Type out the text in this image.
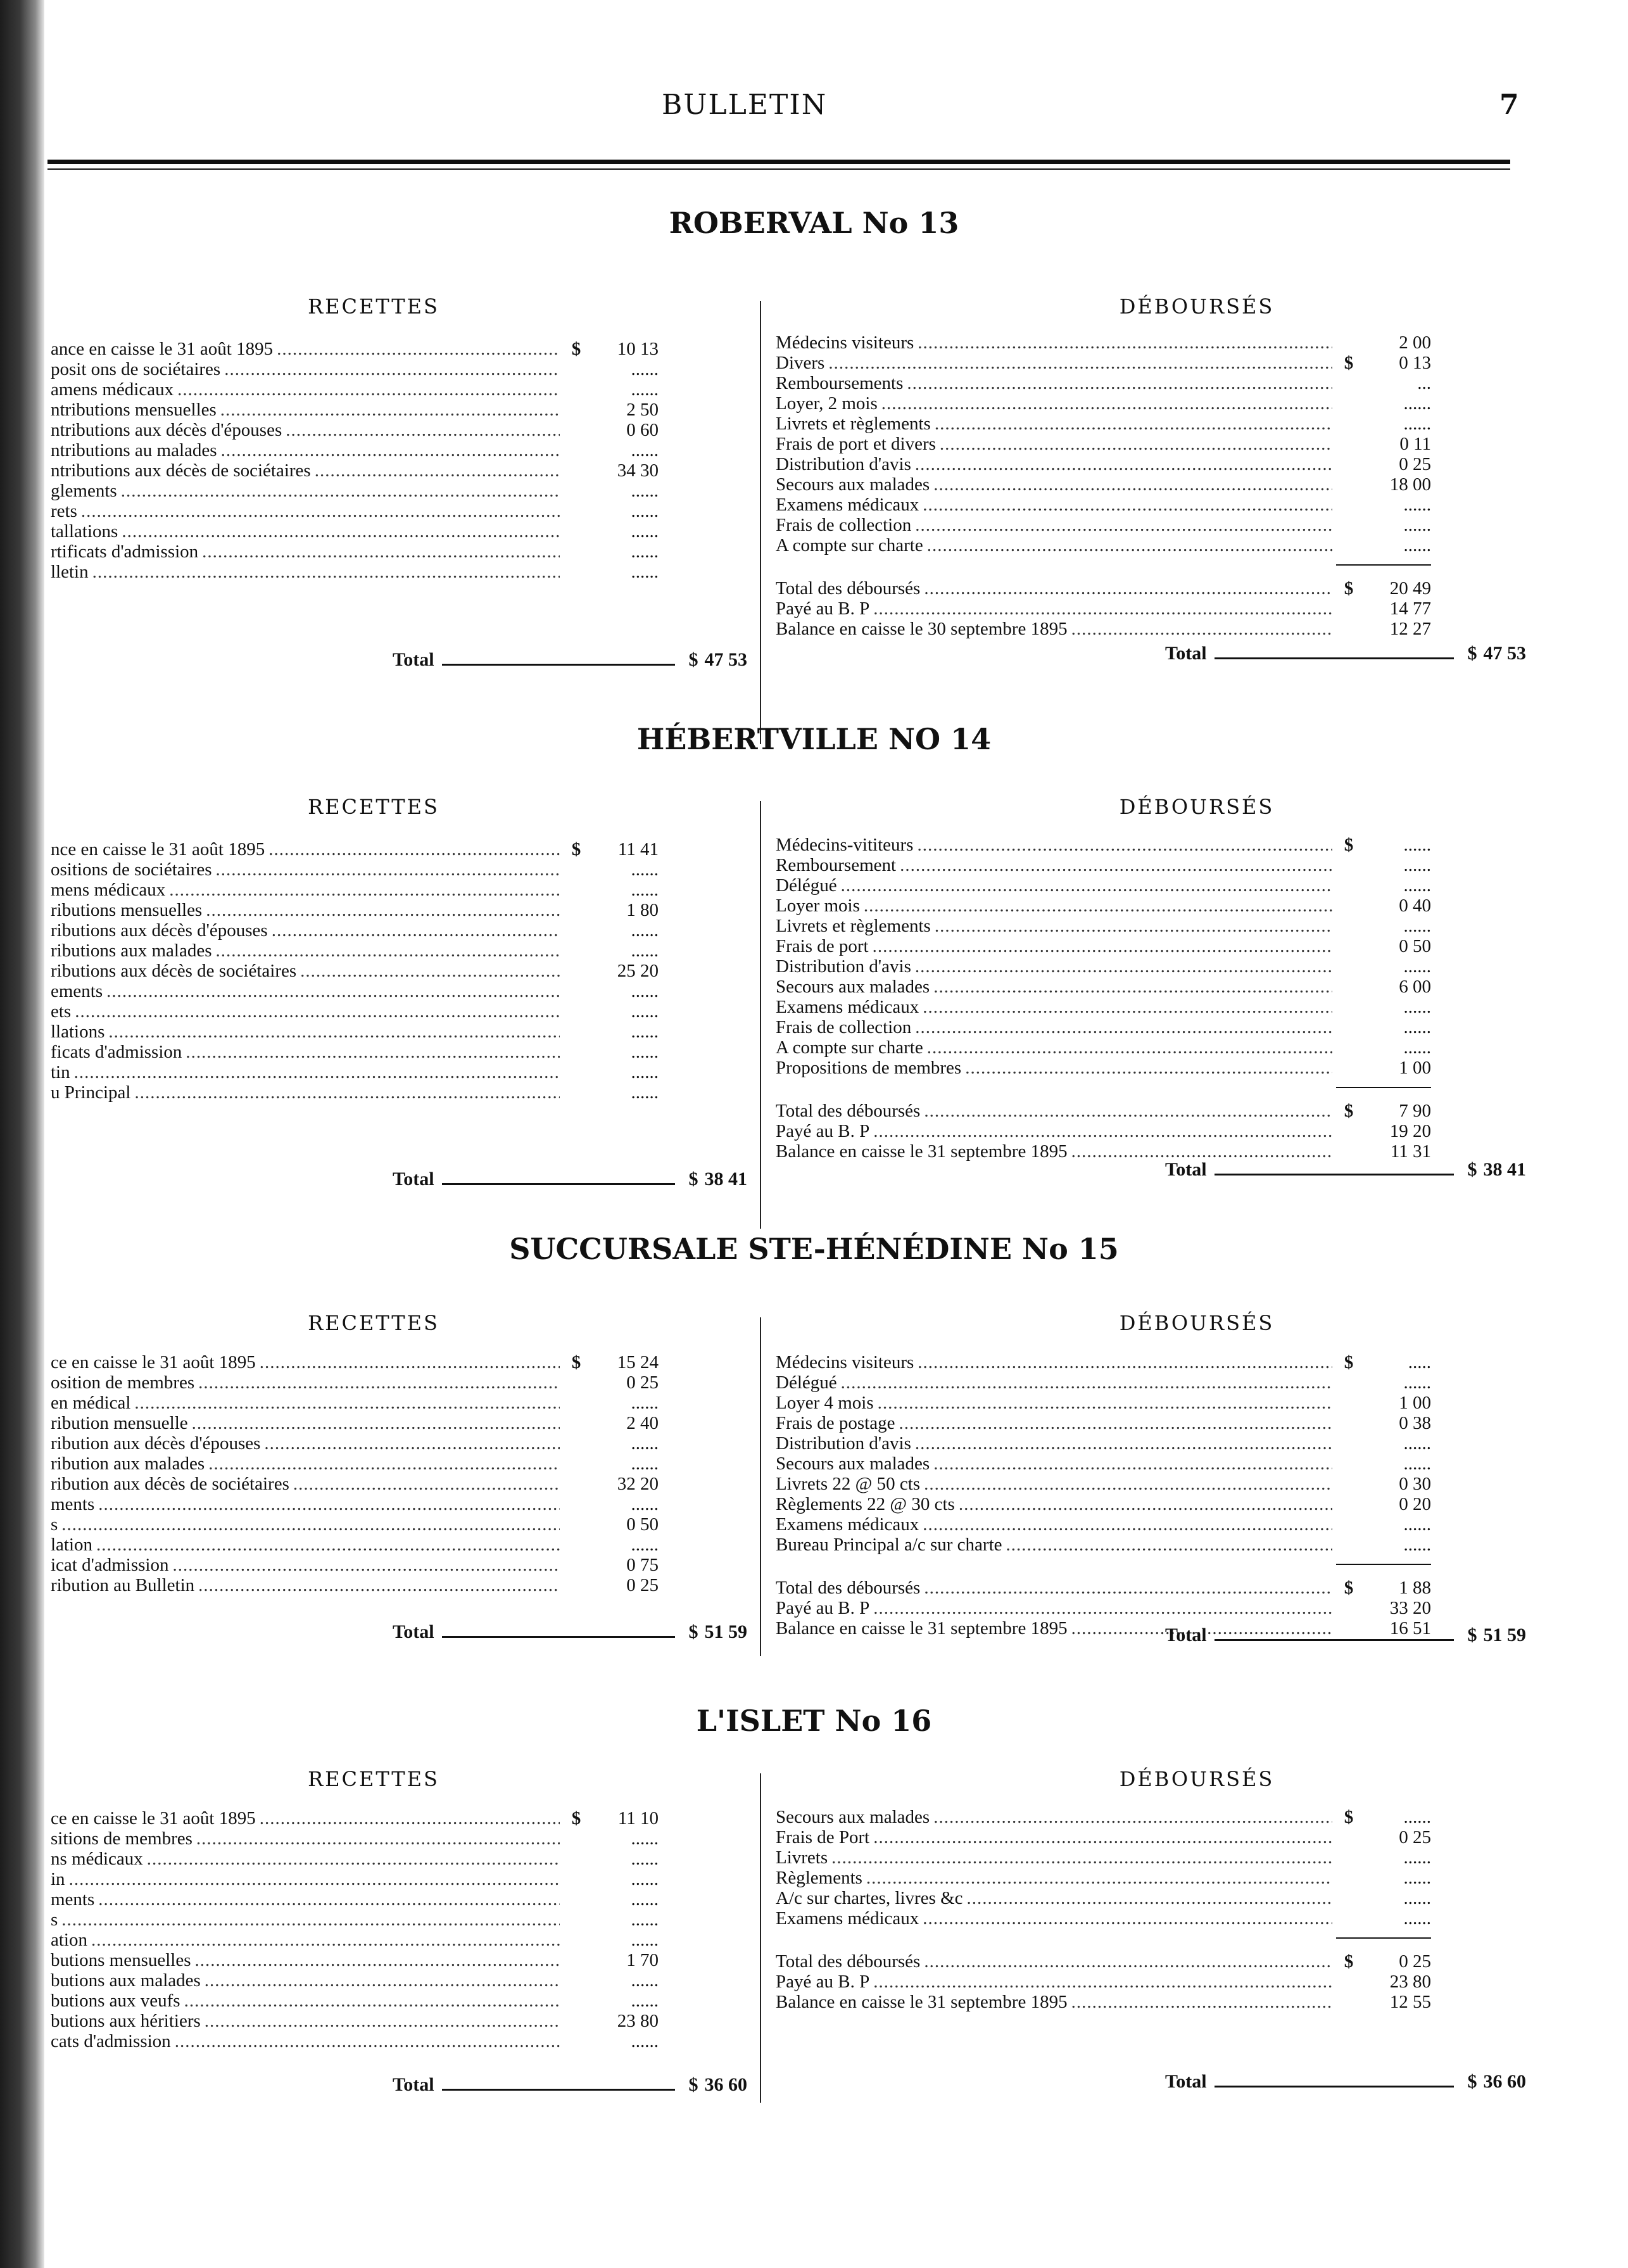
BULLETIN	7
ROBERVAL No 13
RECETTES
ance en caisse le 31 août 1895 .....	$	10 13
posit ons de sociétaires .....	......
amens médicaux .....	......
ntributions mensuelles .....	2 50
ntributions aux décès d'épouses .....	0 60
ntributions au malades .....	......
ntributions aux décès de sociétaires .....	34 30
glements .....	......
rets .....	......
tallations .....	......
rtificats d'admission .....	......
lletin .....	......
Total	$ 47 53
DÉBOURSÉS
Médecins visiteurs .....	2 00
Divers .....	$	0 13
Remboursements .....	...
Loyer, 2 mois .....	......
Livrets et règlements .....	......
Frais de port et divers .....	0 11
Distribution d'avis .....	0 25
Secours aux malades .....	18 00
Examens médicaux .....	......
Frais de collection .....	......
A compte sur charte .....	......
Total des déboursés .....	$	20 49
Payé au B. P .....	14 77
Balance en caisse le 30 septembre 1895 .....	12 27
Total	$ 47 53
HÉBERTVILLE NO 14
RECETTES
nce en caisse le 31 août 1895 .....	$	11 41
ositions de sociétaires .....	......
mens médicaux .....	......
ributions mensuelles .....	1 80
ributions aux décès d'épouses .....	......
ributions aux malades .....	......
ributions aux décès de sociétaires .....	25 20
ements .....	......
ets .....	......
llations .....	......
ficats d'admission .....	......
tin .....	......
u Principal .....	......
Total	$ 38 41
DÉBOURSÉS
Médecins-vititeurs .....	$	......
Remboursement .....	......
Délégué .....	......
Loyer mois .....	0 40
Livrets et règlements .....	......
Frais de port .....	0 50
Distribution d'avis .....	......
Secours aux malades .....	6 00
Examens médicaux .....	......
Frais de collection .....	......
A compte sur charte .....	......
Propositions de membres .....	1 00
Total des déboursés .....	$	7 90
Payé au B. P .....	19 20
Balance en caisse le 31 septembre 1895 .....	11 31
Total	$ 38 41
SUCCURSALE STE-HÉNÉDINE No 15
RECETTES
ce en caisse le 31 août 1895 .....	$	15 24
osition de membres .....	0 25
en médical .....	......
ribution mensuelle .....	2 40
ribution aux décès d'épouses .....	......
ribution aux malades .....	......
ribution aux décès de sociétaires .....	32 20
ments .....	......
s .....	0 50
lation .....	......
icat d'admission .....	0 75
ribution au Bulletin .....	0 25
Total	$ 51 59
DÉBOURSÉS
Médecins visiteurs .....	$	.....
Délégué .....	......
Loyer 4 mois .....	1 00
Frais de postage .....	0 38
Distribution d'avis .....	......
Secours aux malades .....	......
Livrets 22 @ 50 cts .....	0 30
Règlements 22 @ 30 cts .....	0 20
Examens médicaux .....	......
Bureau Principal a/c sur charte .....	......
Total des déboursés .....	$	1 88
Payé au B. P .....	33 20
Balance en caisse le 31 septembre 1895 .....	16 51
Total	$ 51 59
L'ISLET No 16
RECETTES
ce en caisse le 31 août 1895 .....	$	11 10
sitions de membres .....	......
ns médicaux .....	......
in .....	......
ments .....	......
s .....	......
ation .....	......
butions mensuelles .....	1 70
butions aux malades .....	......
butions aux veufs .....	......
butions aux héritiers .....	23 80
cats d'admission .....	......
Total	$ 36 60
DÉBOURSÉS
Secours aux malades .....	$	......
Frais de Port .....	0 25
Livrets .....	......
Règlements .....	......
A/c sur chartes, livres &c .....	......
Examens médicaux .....	......
Total des déboursés .....	$	0 25
Payé au B. P .....	23 80
Balance en caisse le 31 septembre 1895 .....	12 55
Total	$ 36 60
